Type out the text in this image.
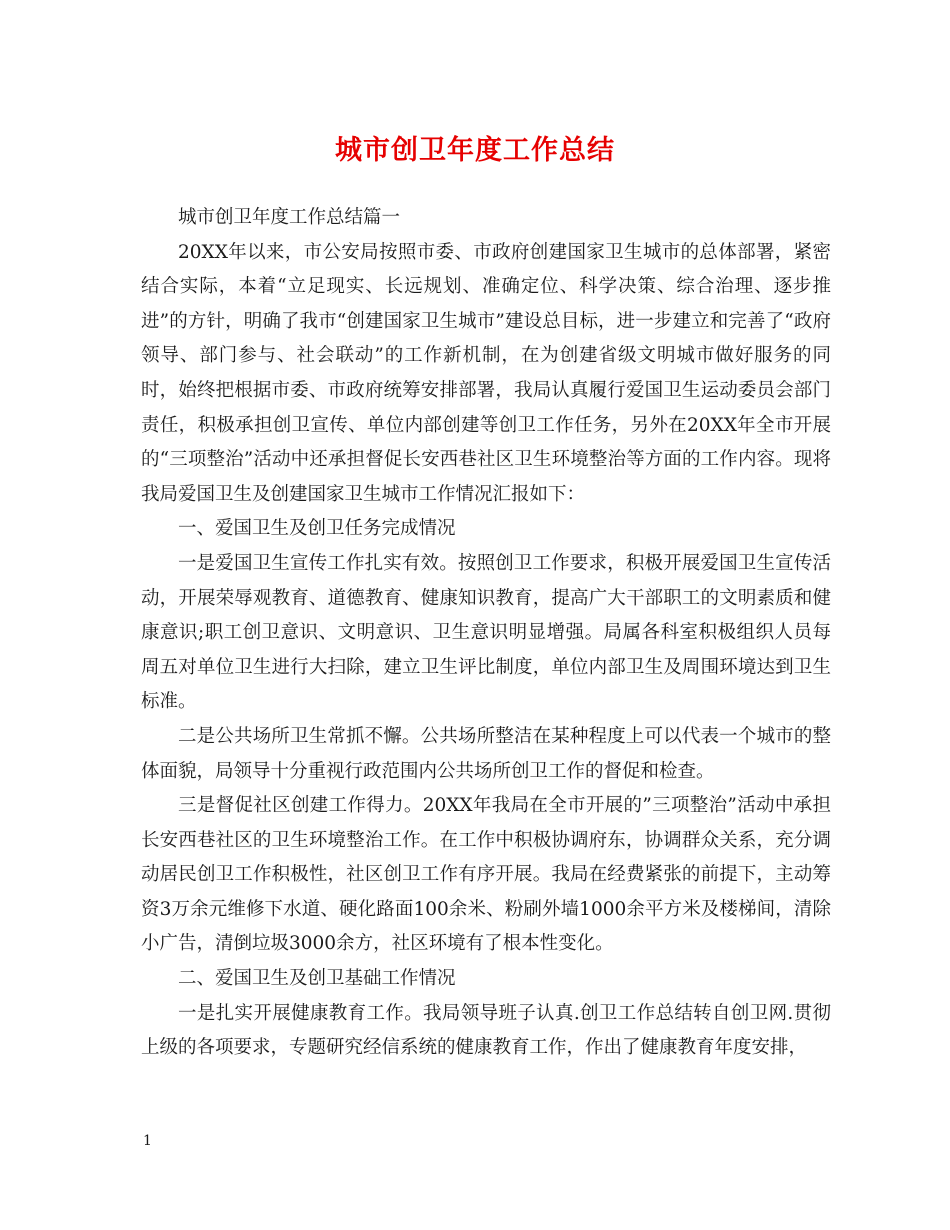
城市创卫年度工作总结

城市创卫年度工作总结篇一

20XX年以来，市公安局按照市委、市政府创建国家卫生城市的总体部署，紧密结合实际，本着“立足现实、长远规划、准确定位、科学决策、综合治理、逐步推进”的方针，明确了我市“创建国家卫生城市”建设总目标，进一步建立和完善了“政府领导、部门参与、社会联动”的工作新机制，在为创建省级文明城市做好服务的同时，始终把根据市委、市政府统筹安排部署，我局认真履行爱国卫生运动委员会部门责任，积极承担创卫宣传、单位内部创建等创卫工作任务，另外在20XX年全市开展的“三项整治”活动中还承担督促长安西巷社区卫生环境整治等方面的工作内容。现将我局爱国卫生及创建国家卫生城市工作情况汇报如下：

一、爱国卫生及创卫任务完成情况

一是爱国卫生宣传工作扎实有效。按照创卫工作要求，积极开展爱国卫生宣传活动，开展荣辱观教育、道德教育、健康知识教育，提高广大干部职工的文明素质和健康意识;职工创卫意识、文明意识、卫生意识明显增强。局属各科室积极组织人员每周五对单位卫生进行大扫除，建立卫生评比制度，单位内部卫生及周围环境达到卫生标准。

二是公共场所卫生常抓不懈。公共场所整洁在某种程度上可以代表一个城市的整体面貌，局领导十分重视行政范围内公共场所创卫工作的督促和检查。

三是督促社区创建工作得力。20XX年我局在全市开展的”三项整治”活动中承担长安西巷社区的卫生环境整治工作。在工作中积极协调府东，协调群众关系，充分调动居民创卫工作积极性，社区创卫工作有序开展。我局在经费紧张的前提下，主动筹资3万余元维修下水道、硬化路面100余米、粉刷外墙1000余平方米及楼梯间，清除小广告，清倒垃圾3000余方，社区环境有了根本性变化。

二、爱国卫生及创卫基础工作情况

一是扎实开展健康教育工作。我局领导班子认真.创卫工作总结转自创卫网.贯彻上级的各项要求，专题研究经信系统的健康教育工作，作出了健康教育年度安排，

1
